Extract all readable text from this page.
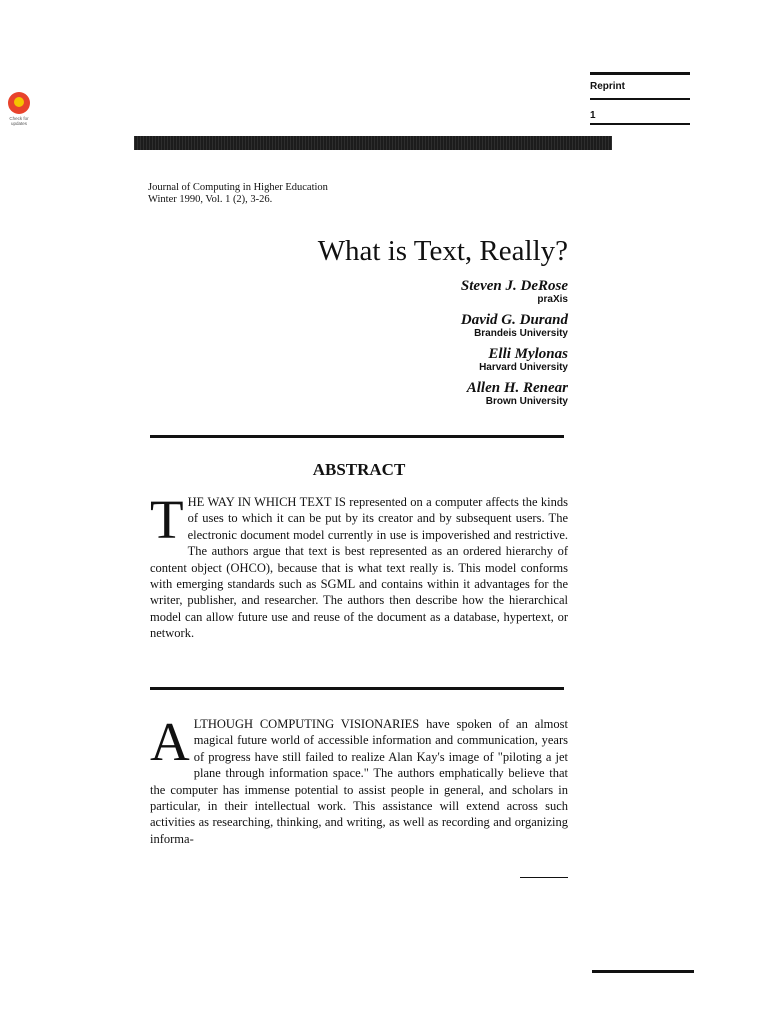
Check for updates
Reprint
1
Journal of Computing in Higher Education
Winter 1990, Vol. 1 (2), 3-26.
What is Text, Really?
Steven J. DeRose
praXis
David G. Durand
Brandeis University
Elli Mylonas
Harvard University
Allen H. Renear
Brown University
ABSTRACT
T HE WAY IN WHICH TEXT IS represented on a computer affects the kinds of uses to which it can be put by its creator and by subsequent users. The electronic document model currently in use is impoverished and restrictive. The authors argue that text is best represented as an ordered hierarchy of content object (OHCO), because that is what text really is. This model conforms with emerging standards such as SGML and contains within it advantages for the writer, publisher, and researcher. The authors then describe how the hierarchical model can allow future use and reuse of the document as a database, hypertext, or network.
A LTHOUGH COMPUTING VISIONARIES have spoken of an almost magical future world of accessible information and communication, years of progress have still failed to realize Alan Kay's image of "piloting a jet plane through information space." The authors emphatically believe that the computer has immense potential to assist people in general, and scholars in particular, in their intellectual work. This assistance will extend across such activities as researching, thinking, and writing, as well as recording and organizing informa-
